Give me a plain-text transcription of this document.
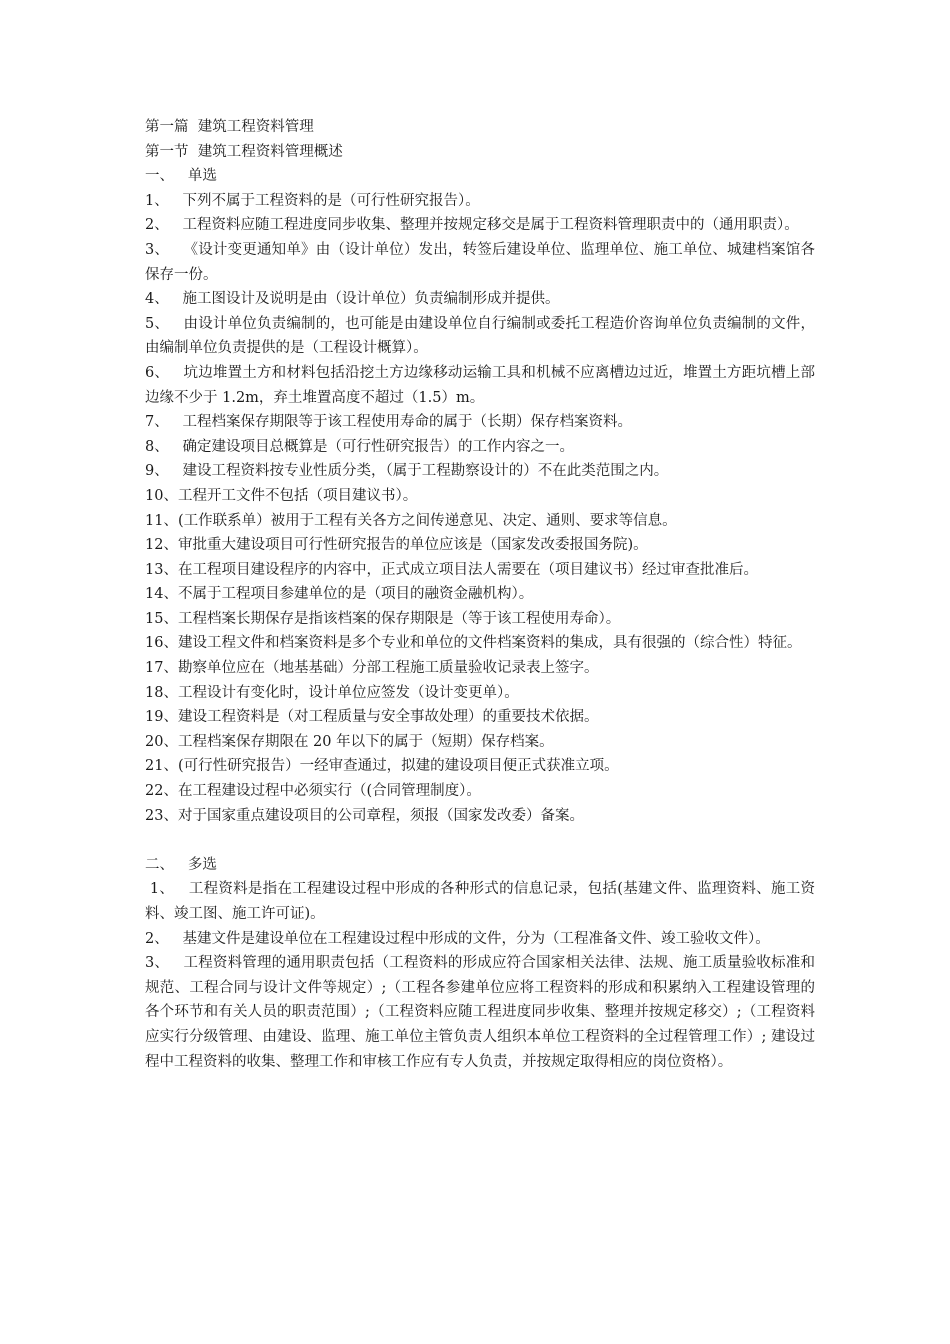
第一篇  建筑工程资料管理

第一节  建筑工程资料管理概述

一、   单选

1、   下列不属于工程资料的是（可行性研究报告）。

2、   工程资料应随工程进度同步收集、整理并按规定移交是属于工程资料管理职责中的（通用职责）。

3、   《设计变更通知单》由（设计单位）发出，转签后建设单位、监理单位、施工单位、城建档案馆各保存一份。

4、   施工图设计及说明是由（设计单位）负责编制形成并提供。

5、   由设计单位负责编制的，也可能是由建设单位自行编制或委托工程造价咨询单位负责编制的文件，由编制单位负责提供的是（工程设计概算）。

6、   坑边堆置土方和材料包括沿挖土方边缘移动运输工具和机械不应离槽边过近，堆置土方距坑槽上部边缘不少于 1.2m，弃土堆置高度不超过（1.5）m。

7、   工程档案保存期限等于该工程使用寿命的属于（长期）保存档案资料。

8、   确定建设项目总概算是（可行性研究报告）的工作内容之一。

9、   建设工程资料按专业性质分类，（属于工程勘察设计的）不在此类范围之内。

10、工程开工文件不包括（项目建议书）。

11、(工作联系单）被用于工程有关各方之间传递意见、决定、通则、要求等信息。

12、审批重大建设项目可行性研究报告的单位应该是（国家发改委报国务院)。

13、在工程项目建设程序的内容中，正式成立项目法人需要在（项目建议书）经过审查批准后。

14、不属于工程项目参建单位的是（项目的融资金融机构）。

15、工程档案长期保存是指该档案的保存期限是（等于该工程使用寿命）。

16、建设工程文件和档案资料是多个专业和单位的文件档案资料的集成，具有很强的（综合性）特征。

17、勘察单位应在（地基基础）分部工程施工质量验收记录表上签字。

18、工程设计有变化时，设计单位应签发（设计变更单）。

19、建设工程资料是（对工程质量与安全事故处理）的重要技术依据。

20、工程档案保存期限在 20 年以下的属于（短期）保存档案。

21、(可行性研究报告）一经审查通过，拟建的建设项目便正式获准立项。

22、在工程建设过程中必须实行（(合同管理制度）。

23、对于国家重点建设项目的公司章程，须报（国家发改委）备案。

二、   多选

1、   工程资料是指在工程建设过程中形成的各种形式的信息记录，包括(基建文件、监理资料、施工资料、竣工图、施工许可证)。

2、   基建文件是建设单位在工程建设过程中形成的文件，分为（工程准备文件、竣工验收文件）。

3、   工程资料管理的通用职责包括（工程资料的形成应符合国家相关法律、法规、施工质量验收标准和规范、工程合同与设计文件等规定）;（工程各参建单位应将工程资料的形成和积累纳入工程建设管理的各个环节和有关人员的职责范围）;（工程资料应随工程进度同步收集、整理并按规定移交）;（工程资料应实行分级管理、由建设、监理、施工单位主管负责人组织本单位工程资料的全过程管理工作）; 建设过程中工程资料的收集、整理工作和审核工作应有专人负责，并按规定取得相应的岗位资格）。
